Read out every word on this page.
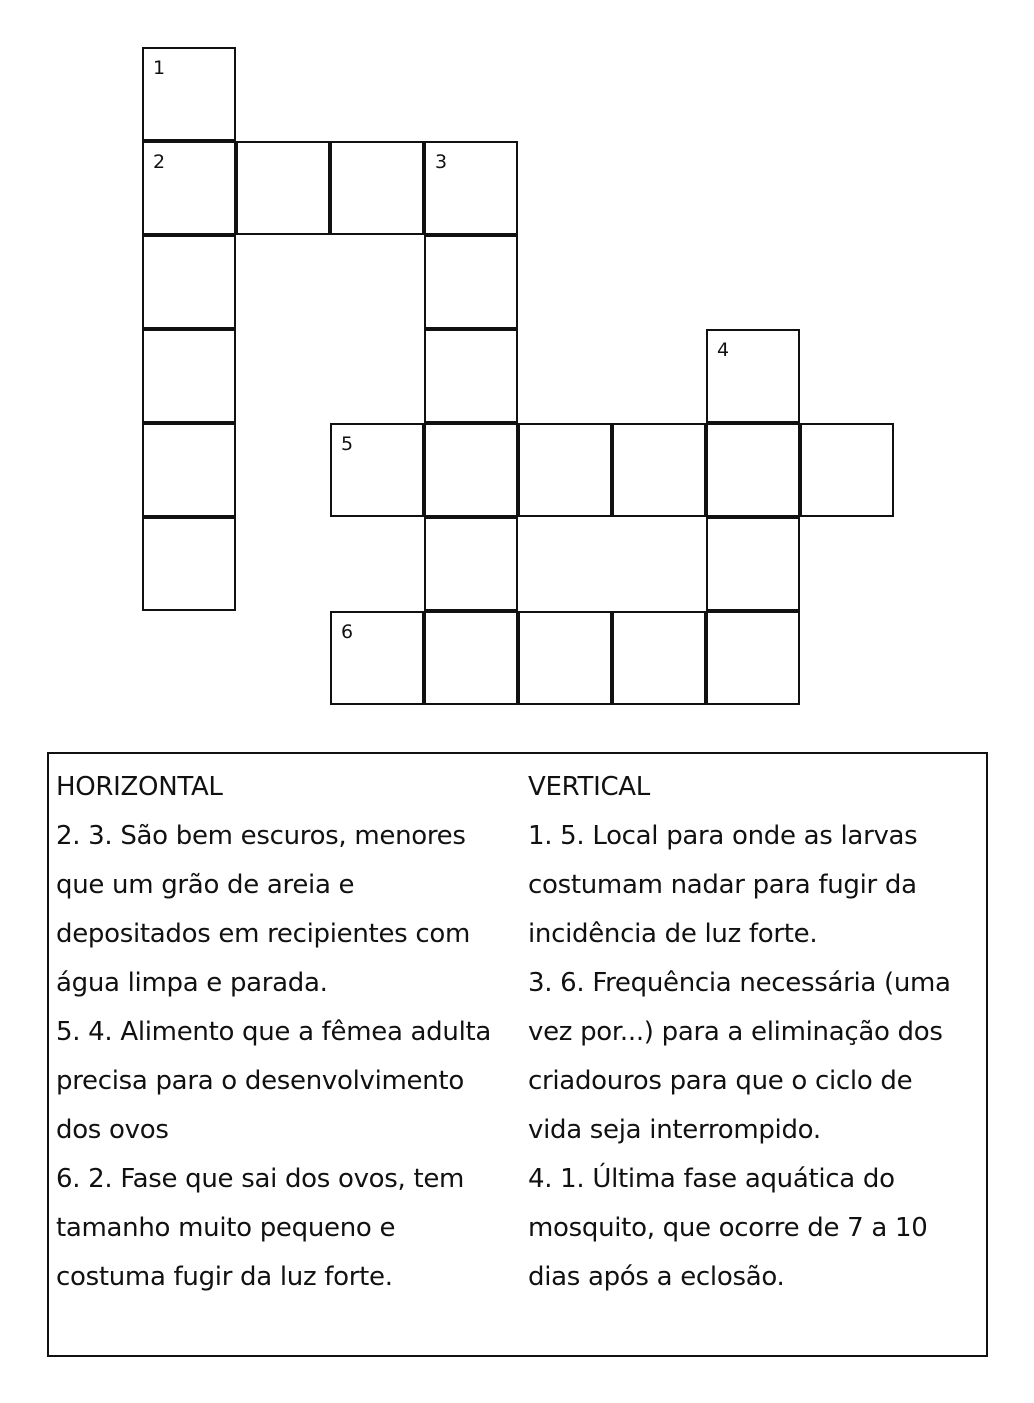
1
2	3
4
5
6
HORIZONTAL
2. 3. São bem escuros, menores
que um grão de areia e
depositados em recipientes com
água limpa e parada.
5. 4. Alimento que a fêmea adulta
precisa para o desenvolvimento
dos ovos
6. 2. Fase que sai dos ovos, tem
tamanho muito pequeno e
costuma fugir da luz forte.
VERTICAL
1. 5. Local para onde as larvas
costumam nadar para fugir da
incidência de luz forte.
3. 6. Frequência necessária (uma
vez por...) para a eliminação dos
criadouros para que o ciclo de
vida seja interrompido.
4. 1. Última fase aquática do
mosquito, que ocorre de 7 a 10
dias após a eclosão.
